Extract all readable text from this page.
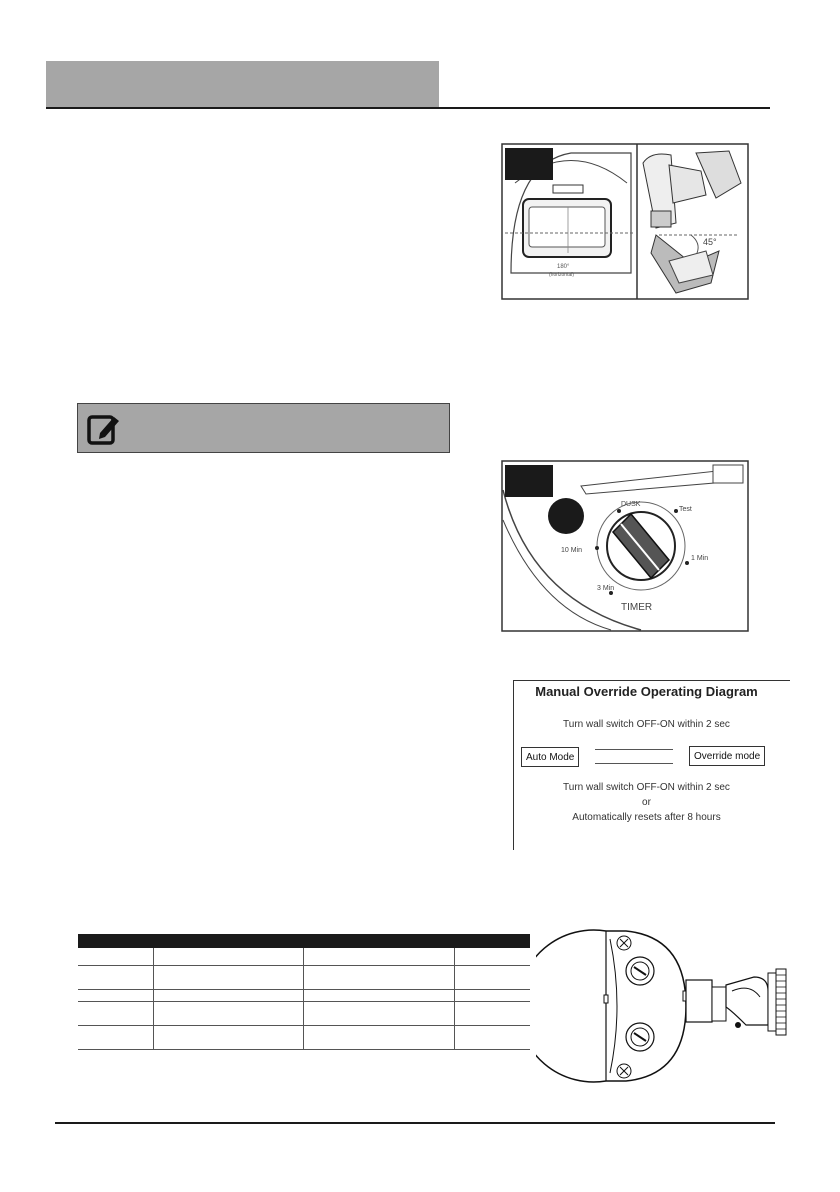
180°
(horizontal)
45°
DUSK
Test
10 Min
1 Min
3 Min
TIMER
Manual Override Operating Diagram
Turn wall switch OFF-ON within 2 sec
Auto Mode	Override mode
Turn wall switch OFF-ON within 2 sec
or
Automatically resets after 8 hours
